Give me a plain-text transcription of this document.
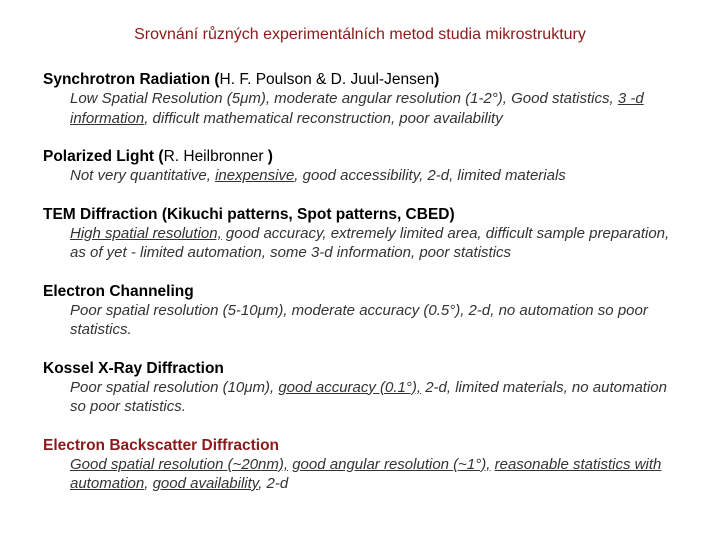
Srovnání různých experimentálních metod studia mikrostruktury
Synchrotron Radiation (H. F. Poulson & D. Juul-Jensen)
Low Spatial Resolution (5μm), moderate angular resolution (1-2°), Good statistics, 3 -d information, difficult mathematical reconstruction, poor availability
Polarized Light (R. Heilbronner )
Not very quantitative, inexpensive, good accessibility, 2-d, limited materials
TEM Diffraction (Kikuchi patterns, Spot patterns, CBED)
High spatial resolution, good accuracy, extremely limited area, difficult sample preparation, as of yet - limited automation, some 3-d information, poor statistics
Electron Channeling
Poor spatial resolution (5-10μm), moderate accuracy (0.5°), 2-d, no automation so poor statistics.
Kossel X-Ray Diffraction
Poor spatial resolution (10μm), good accuracy (0.1°), 2-d, limited materials, no automation so poor statistics.
Electron Backscatter Diffraction
Good spatial resolution (~20nm), good angular resolution (~1°), reasonable statistics with automation, good availability, 2-d
